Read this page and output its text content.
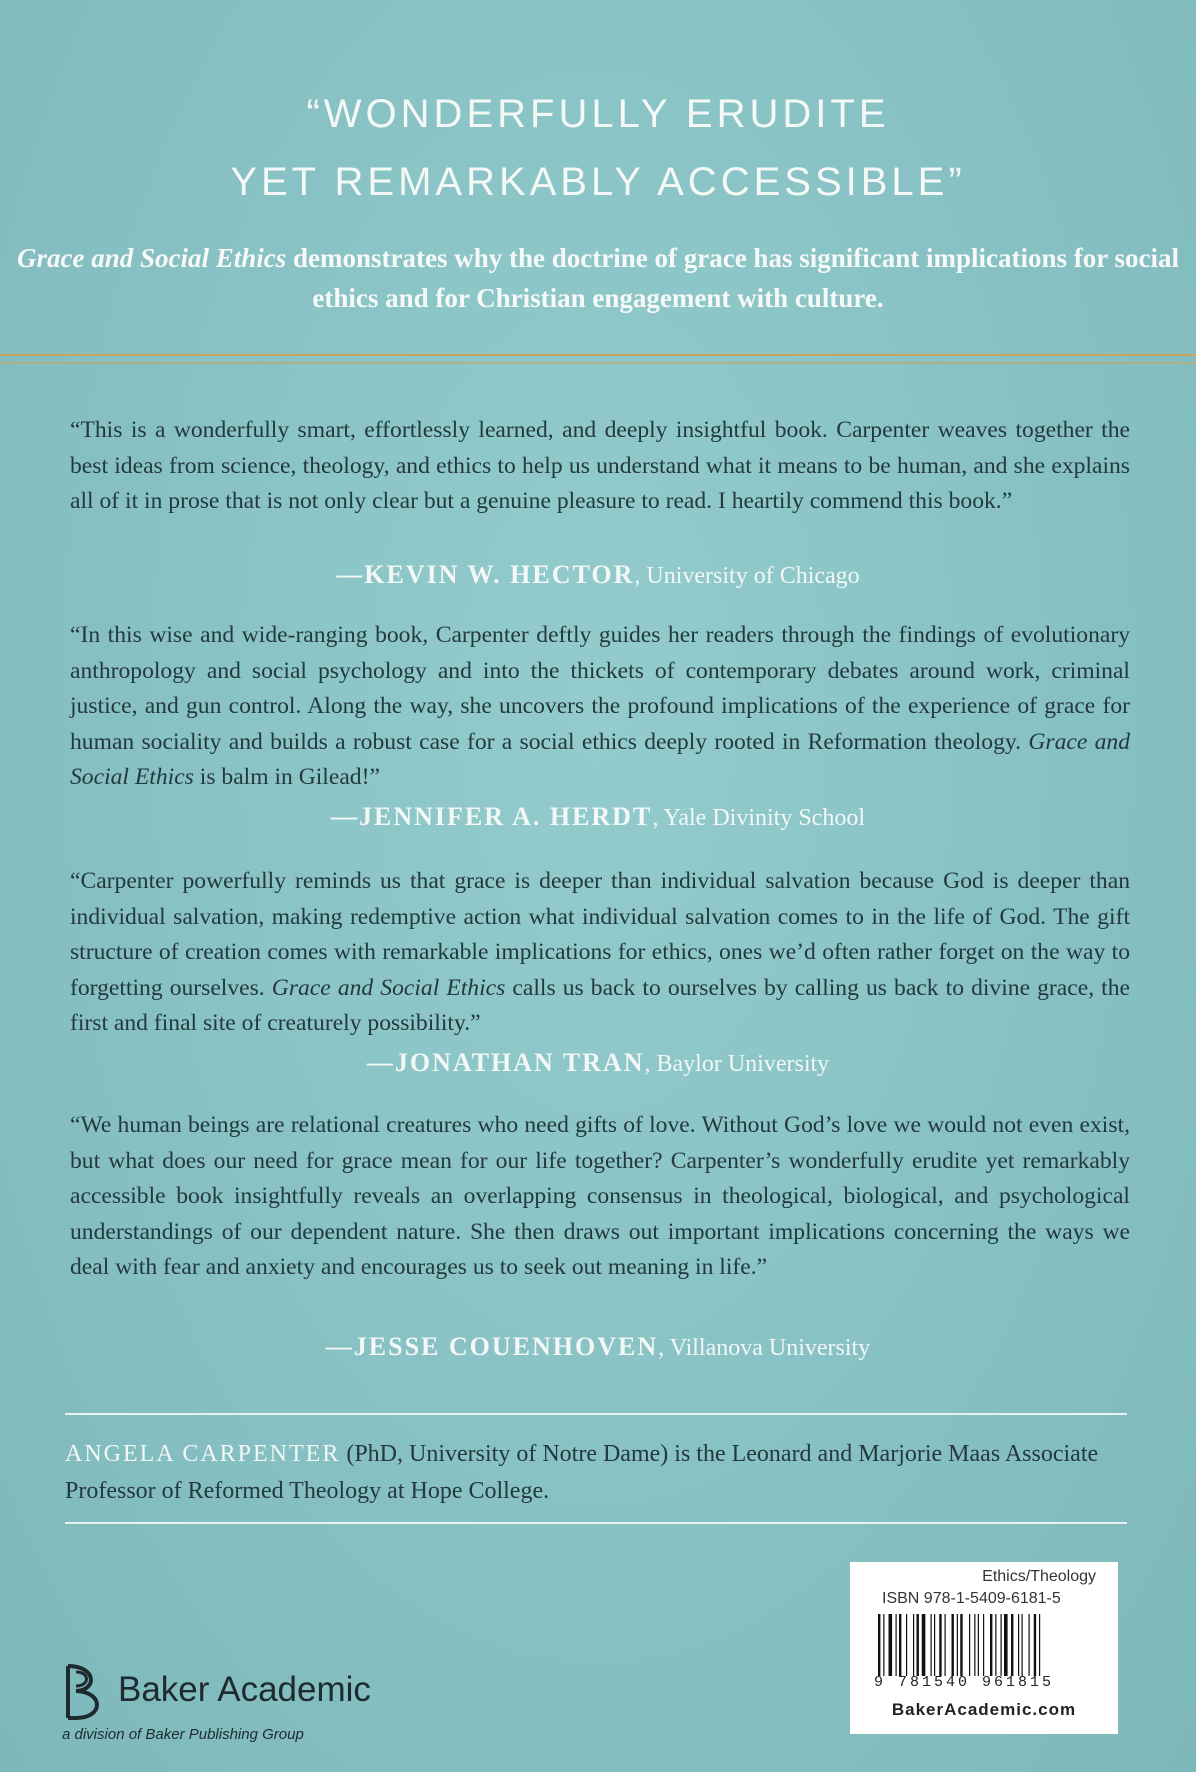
“WONDERFULLY ERUDITE
YET REMARKABLY ACCESSIBLE”
Grace and Social Ethics demonstrates why the doctrine of grace has significant implications for social ethics and for Christian engagement with culture.
“This is a wonderfully smart, effortlessly learned, and deeply insightful book. Carpenter weaves together the best ideas from science, theology, and ethics to help us understand what it means to be human, and she explains all of it in prose that is not only clear but a genuine pleasure to read. I heartily commend this book.”
—KEVIN W. HECTOR, University of Chicago
“In this wise and wide-ranging book, Carpenter deftly guides her readers through the findings of evolutionary anthropology and social psychology and into the thickets of contemporary debates around work, criminal justice, and gun control. Along the way, she uncovers the profound implications of the experience of grace for human sociality and builds a robust case for a social ethics deeply rooted in Reformation theology. Grace and Social Ethics is balm in Gilead!”
—JENNIFER A. HERDT, Yale Divinity School
“Carpenter powerfully reminds us that grace is deeper than individual salvation because God is deeper than individual salvation, making redemptive action what individual salvation comes to in the life of God. The gift structure of creation comes with remarkable implications for ethics, ones we’d often rather forget on the way to forgetting ourselves. Grace and Social Ethics calls us back to ourselves by calling us back to divine grace, the first and final site of creaturely possibility.”
—JONATHAN TRAN, Baylor University
“We human beings are relational creatures who need gifts of love. Without God’s love we would not even exist, but what does our need for grace mean for our life together? Carpenter’s wonderfully erudite yet remarkably accessible book insightfully reveals an overlapping consensus in theological, biological, and psychological understandings of our dependent nature. She then draws out important implications concerning the ways we deal with fear and anxiety and encourages us to seek out meaning in life.”
—JESSE COUENHOVEN, Villanova University
ANGELA CARPENTER (PhD, University of Notre Dame) is the Leonard and Marjorie Maas Associate Professor of Reformed Theology at Hope College.
Ethics/Theology
ISBN 978-1-5409-6181-5
9 781540 961815
BakerAcademic.com
Baker Academic
a division of Baker Publishing Group
